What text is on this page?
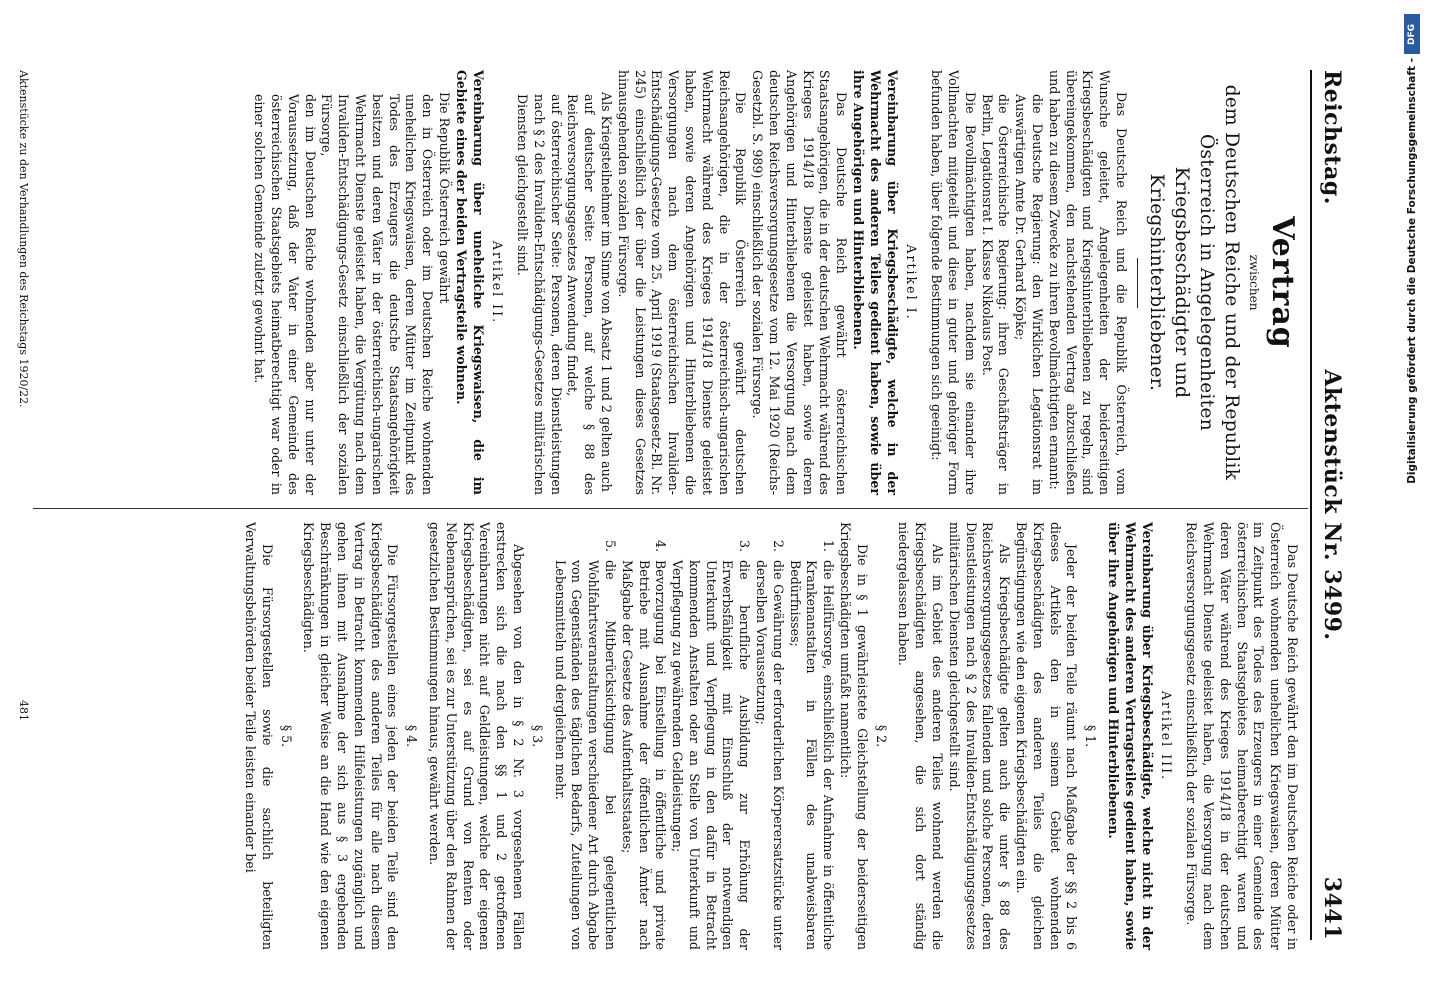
Reichstag.
Aktenstück Nr. 3499.
3441
Vertrag
zwischen
dem Deutschen Reiche und der Republik Österreich in Angelegenheiten Kriegsbeschädigter und Kriegshinterbliebener.

Das Deutsche Reich und die Republik Österreich, vom Wunsche geleitet, Angelegenheiten der beiderseitigen Kriegsbeschädigten und Kriegshinterbliebenen zu regeln, sind übereingekommen, den nachstehenden Vertrag abzuschließen und haben zu diesem Zwecke zu ihren Bevollmächtigten ernannt:

die Deutsche Regierung: den Wirklichen Legationsrat im Auswärtigen Amte Dr. Gerhard Köpke;

die Österreichische Regierung: ihren Geschäftsträger in Berlin, Legationsrat I. Klasse Nikolaus Post.

Die Bevollmächtigten haben, nachdem sie einander ihre Vollmachten mitgeteilt und diese in guter und gehöriger Form befunden haben, über folgende Bestimmungen sich geeinigt:

Artikel I.

Vereinbarung über Kriegsbeschädigte, welche in der Wehrmacht des anderen Teiles gedient haben, sowie über ihre Angehörigen und Hinterbliebenen.

Das Deutsche Reich gewährt österreichischen Staatsangehörigen, die in der deutschen Wehrmacht während des Krieges 1914/18 Dienste geleistet haben, sowie deren Angehörigen und Hinterbliebenen die Versorgung nach dem deutschen Reichsversorgungsgesetze vom 12. Mai 1920 (Reichs-Gesetzbl. S. 989) einschließlich der sozialen Fürsorge.

Die Republik Österreich gewährt deutschen Reichsangehörigen, die in der österreichisch-ungarischen Wehrmacht während des Krieges 1914/18 Dienste geleistet haben, sowie deren Angehörigen und Hinterbliebenen die Versorgungen nach dem österreichischen Invaliden-Entschädigungs-Gesetze vom 25. April 1919 (Staatsgesetz-Bl. Nr. 245) einschließlich der über die Leistungen dieses Gesetzes hinausgehenden sozialen Fürsorge.

Als Kriegsteilnehmer im Sinne von Absatz 1 und 2 gelten auch

auf deutscher Seite: Personen, auf welche § 88 des Reichsversorgungsgesetzes Anwendung findet,

auf österreichischer Seite: Personen, deren Dienstleistungen nach § 2 des Invaliden-Entschädigungs-Gesetzes militärischen Diensten gleichgestellt sind.

Artikel II.

Vereinbarung über uneheliche Kriegswaisen, die im Gebiete eines der beiden Vertragsteile wohnen.

Die Republik Österreich gewährt

den in Österreich oder im Deutschen Reiche wohnenden unehelichen Kriegswaisen, deren Mütter im Zeitpunkt des Todes des Erzeugers die deutsche Staatsangehörigkeit besitzen und deren Väter in der österreichisch-ungarischen Wehrmacht Dienste geleistet haben, die Vergütung nach dem Invaliden-Entschädigungs-Gesetz einschließlich der sozialen Fürsorge,

den im Deutschen Reiche wohnenden aber nur unter der Voraussetzung, daß der Vater in einer Gemeinde des österreichischen Staatsgebiets heimatberechtigt war oder in einer solchen Gemeinde zuletzt gewohnt hat.

Das Deutsche Reich gewährt den im Deutschen Reiche oder in Österreich wohnenden unehelichen Kriegswaisen, deren Mütter im Zeitpunkt des Todes des Erzeugers in einer Gemeinde des österreichischen Staatsgebietes heimatberechtigt waren und deren Väter während des Krieges 1914/18 in der deutschen Wehrmacht Dienste geleistet haben, die Versorgung nach dem Reichsversorgungsgesetz einschließlich der sozialen Fürsorge.

Artikel III.

Vereinbarung über Kriegsbeschädigte, welche nicht in der Wehrmacht des anderen Vertragsteiles gedient haben, sowie über ihre Angehörigen und Hinterbliebenen.

§ 1.

Jeder der beiden Teile räumt nach Maßgabe der §§ 2 bis 6 dieses Artikels den in seinem Gebiet wohnenden Kriegsbeschädigten des anderen Teiles die gleichen Begünstigungen wie den eigenen Kriegsbeschädigten ein.

Als Kriegsbeschädigte gelten auch die unter § 88 des Reichsversorgungsgesetzes fallenden und solche Personen, deren Dienstleistungen nach § 2 des Invaliden-Entschädigungsgesetzes militärischen Diensten gleichgestellt sind.

Als im Gebiet des anderen Teiles wohnend werden die Kriegsbeschädigten angesehen, die sich dort ständig niedergelassen haben.

§ 2.

Die in § 1 gewährleistete Gleichstellung der beiderseitigen Kriegsbeschädigten umfaßt namentlich:

1. die Heilfürsorge, einschließlich der Aufnahme in öffentliche Krankenanstalten in Fällen des unabweisbaren Bedürfnisses;
2. die Gewährung der erforderlichen Körperersatzstücke unter derselben Voraussetzung;
3. die berufliche Ausbildung zur Erhöhung der Erwerbsfähigkeit mit Einschluß der notwendigen Unterkunft und Verpflegung in den dafür in Betracht kommenden Anstalten oder an Stelle von Unterkunft und Verpflegung zu gewährenden Geldleistungen;
4. Bevorzugung bei Einstellung in öffentliche und private Betriebe mit Ausnahme der öffentlichen Ämter nach Maßgabe der Gesetze des Aufenthaltsstaates;
5. die Mitberücksichtigung bei gelegentlichen Wohlfahrtsveranstaltungen verschiedener Art durch Abgabe von Gegenständen des täglichen Bedarfs, Zuteilungen von Lebensmitteln und dergleichen mehr.
§ 3.

Abgesehen von den in § 2 Nr. 3 vorgesehenen Fällen erstrecken sich die nach den §§ 1 und 2 getroffenen Vereinbarungen nicht auf Geldleistungen, welche der eigenen Kriegsbeschädigten, sei es auf Grund von Renten oder Nebenansprüchen, sei es zur Unterstützung über den Rahmen der gesetzlichen Bestimmungen hinaus, gewährt werden.

§ 4.

Die Fürsorgestellen eines jeden der beiden Teile sind den Kriegsbeschädigten des anderen Teiles für alle nach diesem Vertrag in Betracht kommenden Hilfeleistungen zugänglich und gehen ihnen mit Ausnahme der sich aus § 3 ergebenden Beschränkungen in gleicher Weise an die Hand wie den eigenen Kriegsbeschädigten.

§ 5.

Die Fürsorgestellen sowie die sachlich beteiligten Verwaltungsbehörden beider Teile leisten einander bei

Aktenstücke zu den Verhandlungen des Reichstags 1920/22.
481
DFG
Digitalisierung gefördert durch die Deutsche Forschungsgemeinschaft -
